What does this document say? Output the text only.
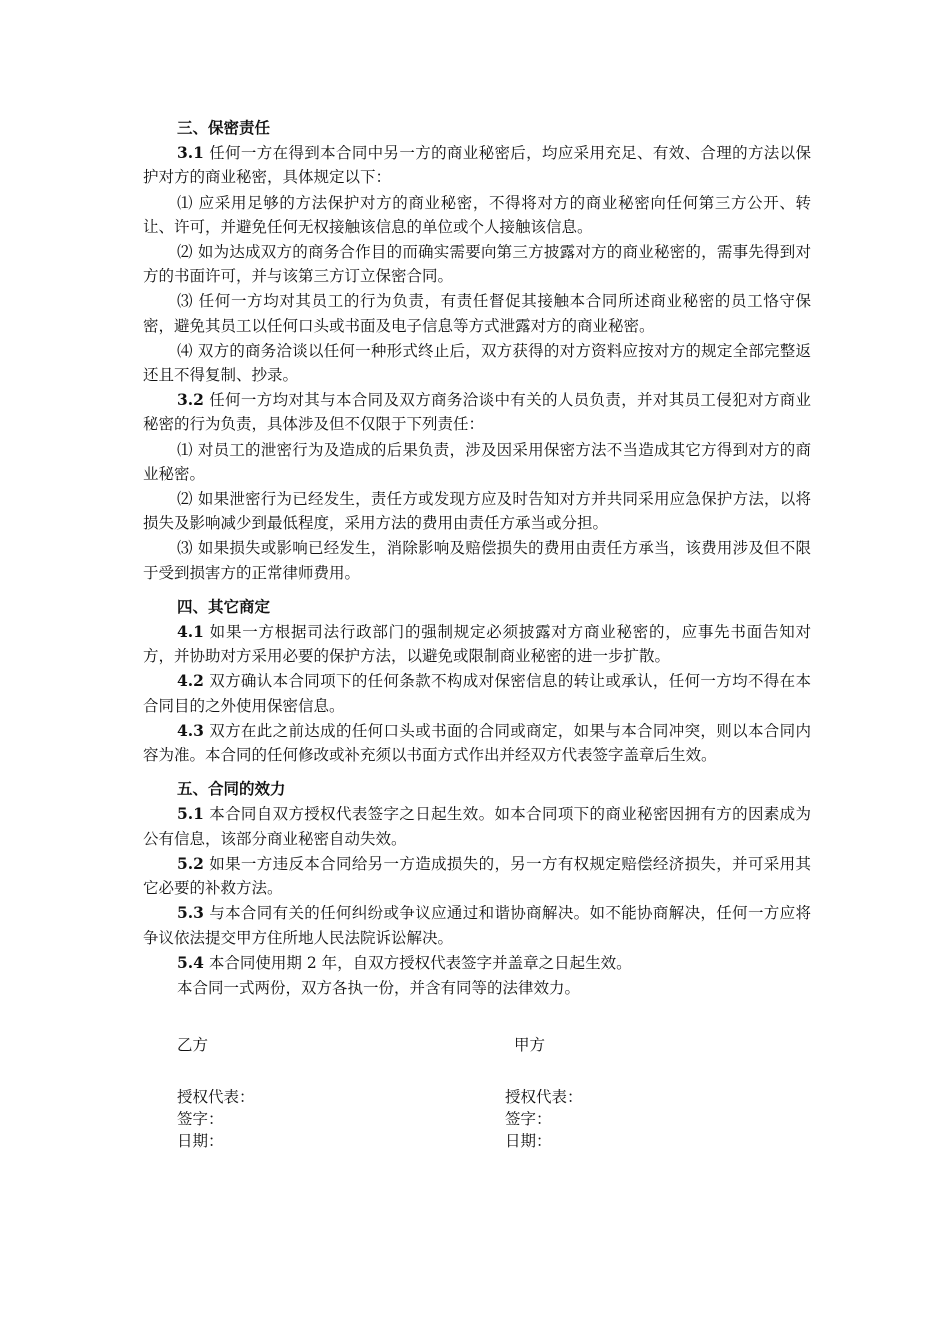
三、保密责任
3.1 任何一方在得到本合同中另一方的商业秘密后，均应采用充足、有效、合理的方法以保护对方的商业秘密，具体规定以下：
⑴ 应采用足够的方法保护对方的商业秘密，不得将对方的商业秘密向任何第三方公开、转让、许可，并避免任何无权接触该信息的单位或个人接触该信息。
⑵ 如为达成双方的商务合作目的而确实需要向第三方披露对方的商业秘密的，需事先得到对方的书面许可，并与该第三方订立保密合同。
⑶ 任何一方均对其员工的行为负责，有责任督促其接触本合同所述商业秘密的员工恪守保密，避免其员工以任何口头或书面及电子信息等方式泄露对方的商业秘密。
⑷ 双方的商务洽谈以任何一种形式终止后，双方获得的对方资料应按对方的规定全部完整返还且不得复制、抄录。
3.2 任何一方均对其与本合同及双方商务洽谈中有关的人员负责，并对其员工侵犯对方商业秘密的行为负责，具体涉及但不仅限于下列责任：
⑴ 对员工的泄密行为及造成的后果负责，涉及因采用保密方法不当造成其它方得到对方的商业秘密。
⑵ 如果泄密行为已经发生，责任方或发现方应及时告知对方并共同采用应急保护方法，以将损失及影响减少到最低程度，采用方法的费用由责任方承当或分担。
⑶ 如果损失或影响已经发生，消除影响及赔偿损失的费用由责任方承当，该费用涉及但不限于受到损害方的正常律师费用。
四、其它商定
4.1 如果一方根据司法行政部门的强制规定必须披露对方商业秘密的，应事先书面告知对方，并协助对方采用必要的保护方法，以避免或限制商业秘密的进一步扩散。
4.2 双方确认本合同项下的任何条款不构成对保密信息的转让或承认，任何一方均不得在本合同目的之外使用保密信息。
4.3 双方在此之前达成的任何口头或书面的合同或商定，如果与本合同冲突，则以本合同内容为准。本合同的任何修改或补充须以书面方式作出并经双方代表签字盖章后生效。
五、合同的效力
5.1 本合同自双方授权代表签字之日起生效。如本合同项下的商业秘密因拥有方的因素成为公有信息，该部分商业秘密自动失效。
5.2 如果一方违反本合同给另一方造成损失的，另一方有权规定赔偿经济损失，并可采用其它必要的补救方法。
5.3 与本合同有关的任何纠纷或争议应通过和谐协商解决。如不能协商解决，任何一方应将争议依法提交甲方住所地人民法院诉讼解决。
5.4 本合同使用期 2 年，自双方授权代表签字并盖章之日起生效。
本合同一式两份，双方各执一份，并含有同等的法律效力。
乙方
授权代表：
签字：
日期：
甲方
授权代表：
签字：
日期：
